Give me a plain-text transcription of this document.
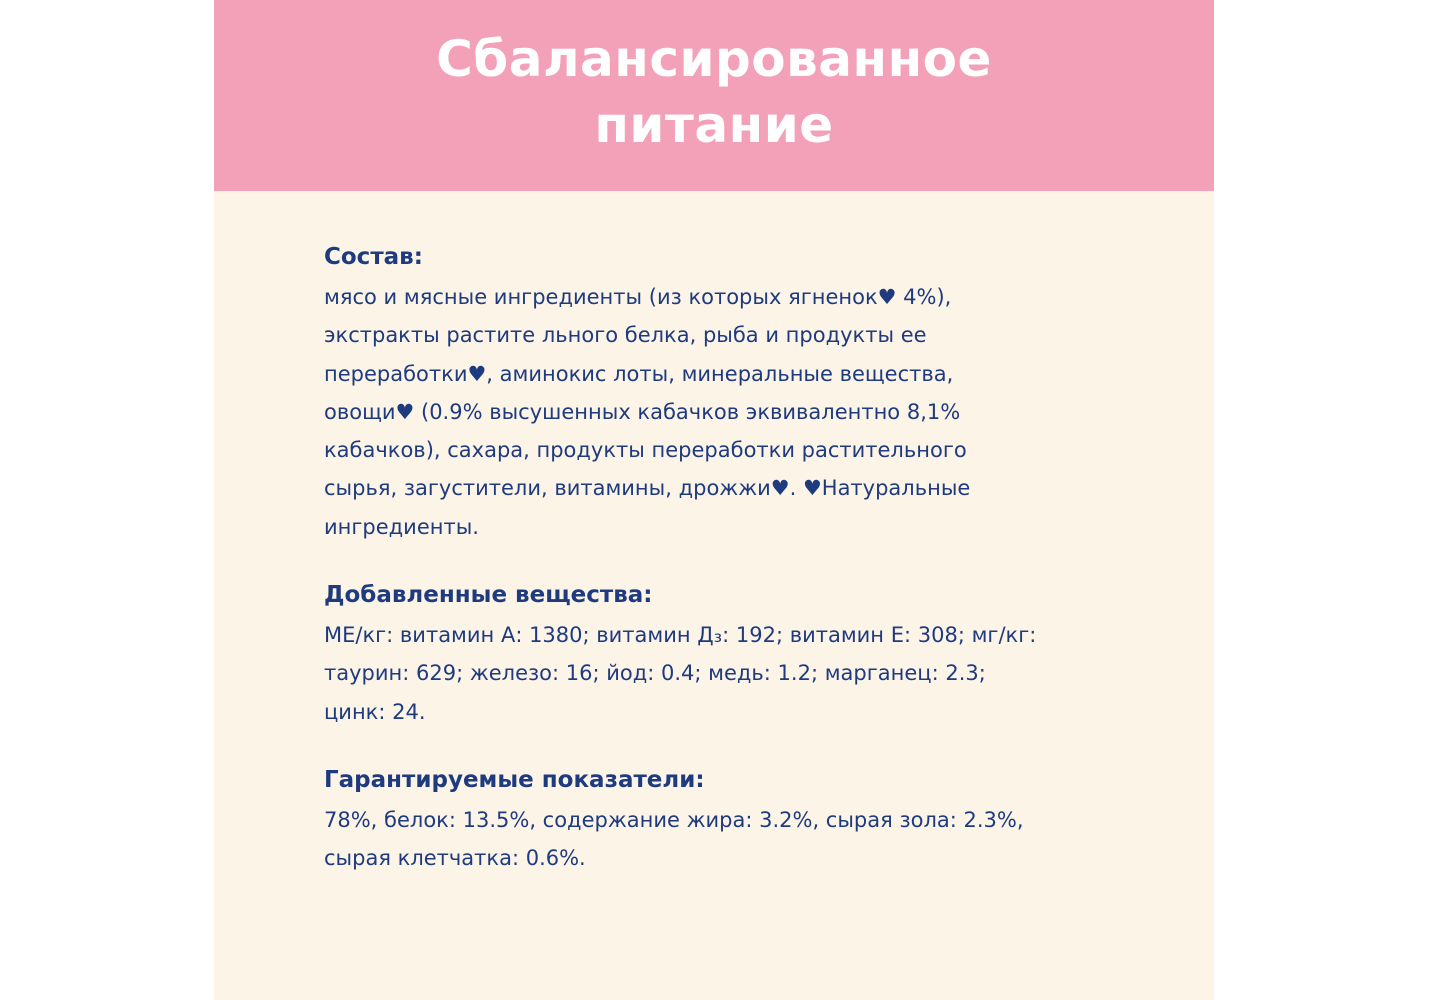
Сбалансированное
питание

Состав:

мясо и мясные ингредиенты (из которых ягненок♥ 4%),
экстракты растите льного белка, рыба и продукты ее
переработки♥, аминокис лоты, минеральные вещества,
овощи♥ (0.9% высушенных кабачков эквивалентно 8,1%
кабачков), сахара, продукты переработки растительного
сырья, загустители, витамины, дрожжи♥. ♥Натуральные
ингредиенты.

Добавленные вещества:

МЕ/кг: витамин А: 1380; витамин Д₃: 192; витамин Е: 308; мг/кг:
таурин: 629; железо: 16; йод: 0.4; медь: 1.2; марганец: 2.3;
цинк: 24.

Гарантируемые показатели:

78%, белок: 13.5%, содержание жира: 3.2%, сырая зола: 2.3%,
сырая клетчатка: 0.6%.
